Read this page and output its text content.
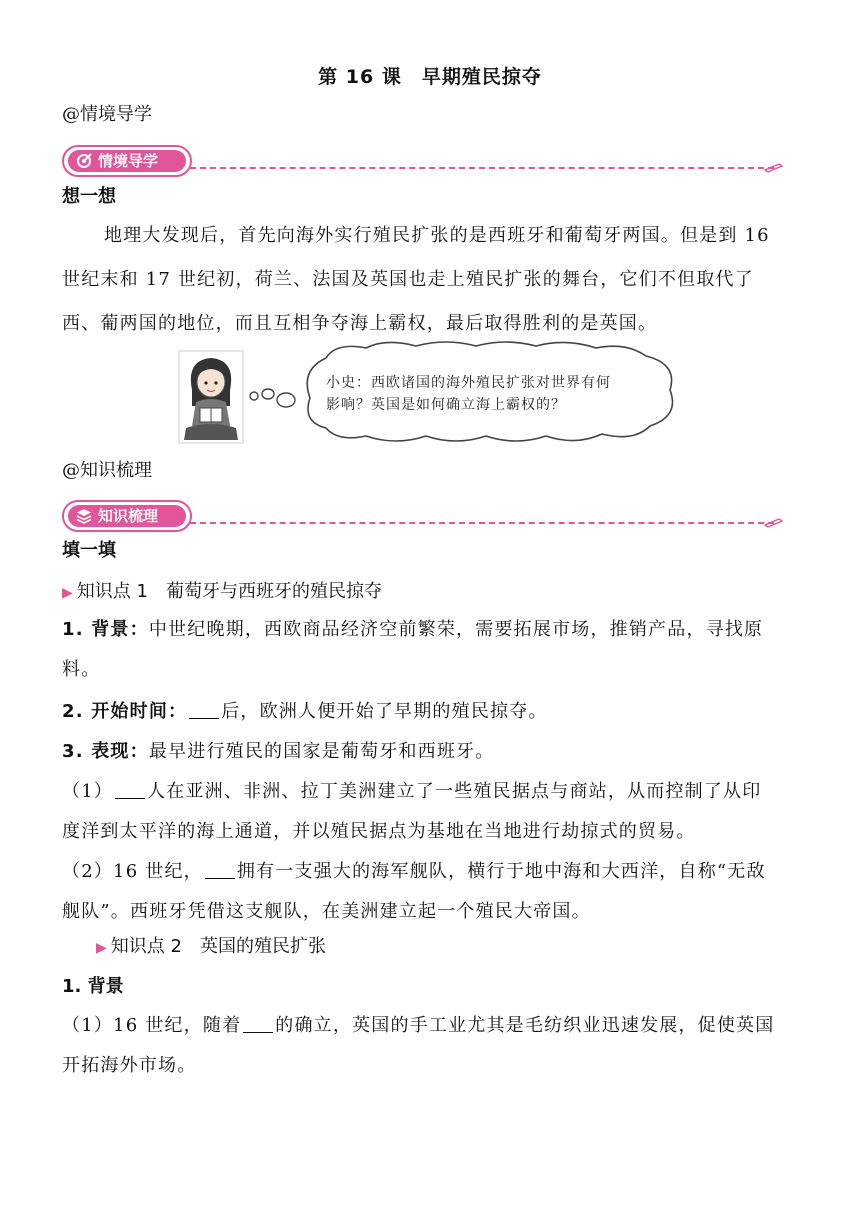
第 16 课　早期殖民掠夺
@情境导学
情境导学
想一想
地理大发现后，首先向海外实行殖民扩张的是西班牙和葡萄牙两国。但是到 16
世纪末和 17 世纪初，荷兰、法国及英国也走上殖民扩张的舞台，它们不但取代了
西、葡两国的地位，而且互相争夺海上霸权，最后取得胜利的是英国。
小史：西欧诸国的海外殖民扩张对世界有何
影响？英国是如何确立海上霸权的？
@知识梳理
知识梳理
填一填
▶ 知识点 1　葡萄牙与西班牙的殖民掠夺
1. 背景：中世纪晚期，西欧商品经济空前繁荣，需要拓展市场，推销产品，寻找原
料。
2. 开始时间： 后，欧洲人便开始了早期的殖民掠夺。
3. 表现：最早进行殖民的国家是葡萄牙和西班牙。
（1） 人在亚洲、非洲、拉丁美洲建立了一些殖民据点与商站，从而控制了从印
度洋到太平洋的海上通道，并以殖民据点为基地在当地进行劫掠式的贸易。
（2）16 世纪， 拥有一支强大的海军舰队，横行于地中海和大西洋，自称“无敌
舰队”。西班牙凭借这支舰队，在美洲建立起一个殖民大帝国。
▶ 知识点 2　英国的殖民扩张
1. 背景
（1）16 世纪，随着 的确立，英国的手工业尤其是毛纺织业迅速发展，促使英国
开拓海外市场。
